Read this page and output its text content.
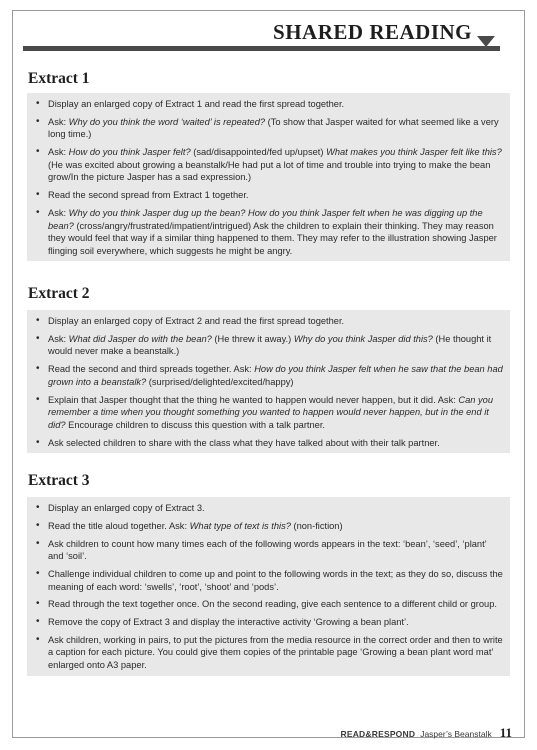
SHARED READING
Extract 1
• Display an enlarged copy of Extract 1 and read the first spread together.
• Ask: Why do you think the word ‘waited’ is repeated? (To show that Jasper waited for what seemed like a very long time.)
• Ask: How do you think Jasper felt? (sad/disappointed/fed up/upset) What makes you think Jasper felt like this? (He was excited about growing a beanstalk/He had put a lot of time and trouble into trying to make the bean grow/In the picture Jasper has a sad expression.)
• Read the second spread from Extract 1 together.
• Ask: Why do you think Jasper dug up the bean? How do you think Jasper felt when he was digging up the bean? (cross/angry/frustrated/impatient/intrigued) Ask the children to explain their thinking. They may reason they would feel that way if a similar thing happened to them. They may refer to the illustration showing Jasper flinging soil everywhere, which suggests he might be angry.
Extract 2
• Display an enlarged copy of Extract 2 and read the first spread together.
• Ask: What did Jasper do with the bean? (He threw it away.) Why do you think Jasper did this? (He thought it would never make a beanstalk.)
• Read the second and third spreads together. Ask: How do you think Jasper felt when he saw that the bean had grown into a beanstalk? (surprised/delighted/excited/happy)
• Explain that Jasper thought that the thing he wanted to happen would never happen, but it did. Ask: Can you remember a time when you thought something you wanted to happen would never happen, but in the end it did? Encourage children to discuss this question with a talk partner.
• Ask selected children to share with the class what they have talked about with their talk partner.
Extract 3
• Display an enlarged copy of Extract 3.
• Read the title aloud together. Ask: What type of text is this? (non-fiction)
• Ask children to count how many times each of the following words appears in the text: ‘bean’, ‘seed’, ‘plant’ and ‘soil’.
• Challenge individual children to come up and point to the following words in the text; as they do so, discuss the meaning of each word: ‘swells’, ‘root’, ‘shoot’ and ‘pods’.
• Read through the text together once. On the second reading, give each sentence to a different child or group.
• Remove the copy of Extract 3 and display the interactive activity ‘Growing a bean plant’.
• Ask children, working in pairs, to put the pictures from the media resource in the correct order and then to write a caption for each picture. You could give them copies of the printable page ‘Growing a bean plant word mat’ enlarged onto A3 paper.
READ&RESPOND Jasper’s Beanstalk 11
